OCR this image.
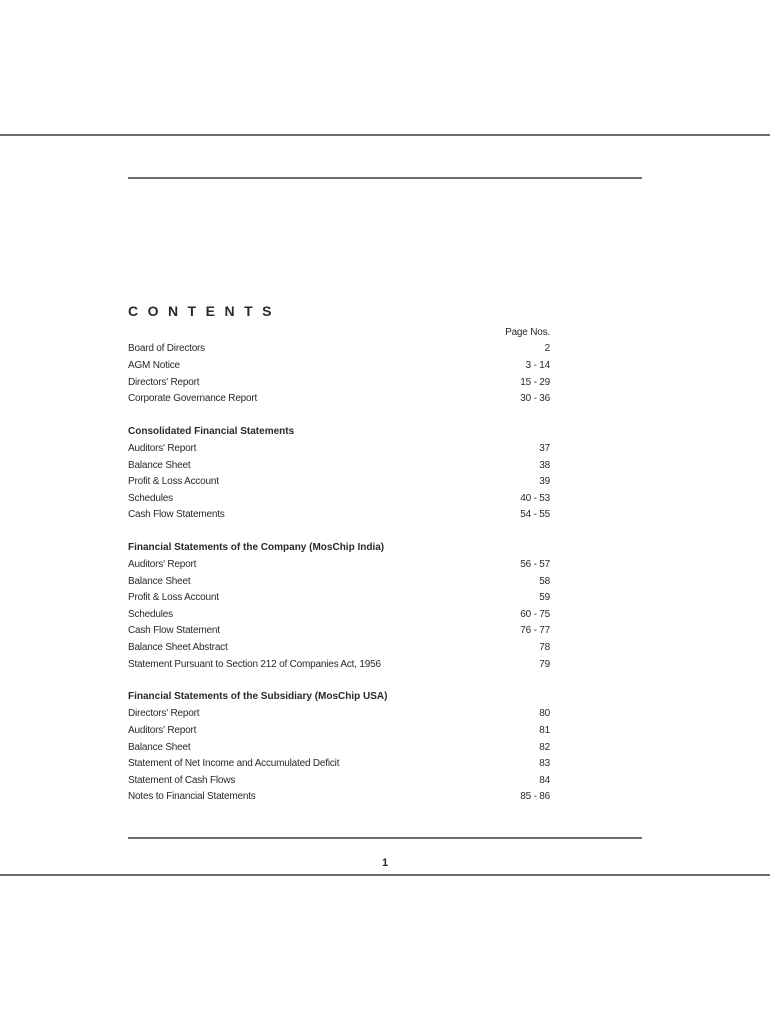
CONTENTS
Page Nos.
Board of Directors	2
AGM Notice	3 - 14
Directors' Report	15 - 29
Corporate Governance Report	30 - 36
Consolidated Financial Statements
Auditors' Report	37
Balance Sheet	38
Profit & Loss Account	39
Schedules	40 - 53
Cash Flow Statements	54 - 55
Financial Statements of the Company (MosChip India)
Auditors' Report	56 - 57
Balance Sheet	58
Profit & Loss Account	59
Schedules	60 - 75
Cash Flow Statement	76 - 77
Balance Sheet Abstract	78
Statement Pursuant to Section 212 of Companies Act, 1956	79
Financial Statements of the Subsidiary (MosChip USA)
Directors' Report	80
Auditors' Report	81
Balance Sheet	82
Statement of Net Income and Accumulated Deficit	83
Statement of Cash Flows	84
Notes to Financial Statements	85 - 86
1
